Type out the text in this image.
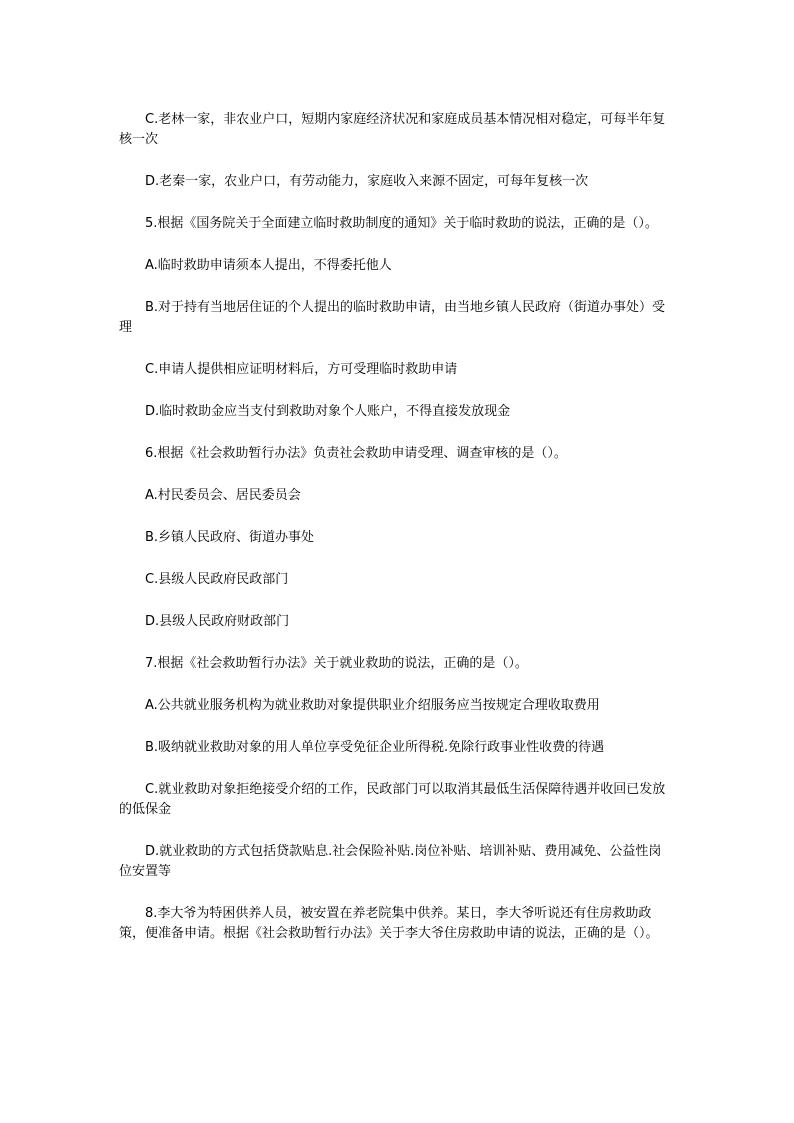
C.老林一家，非农业户口，短期内家庭经济状况和家庭成员基本情况相对稳定，可每半年复核一次

D.老秦一家，农业户口，有劳动能力，家庭收入来源不固定，可每年复核一次

5.根据《国务院关于全面建立临时救助制度的通知》关于临时救助的说法，正确的是（）。

A.临时救助申请须本人提出，不得委托他人

B.对于持有当地居住证的个人提出的临时救助申请，由当地乡镇人民政府（街道办事处）受理

C.申请人提供相应证明材料后，方可受理临时救助申请

D.临时救助金应当支付到救助对象个人账户，不得直接发放现金

6.根据《社会救助暂行办法》负责社会救助申请受理、调查审核的是（）。

A.村民委员会、居民委员会

B.乡镇人民政府、街道办事处

C.县级人民政府民政部门

D.县级人民政府财政部门

7.根据《社会救助暂行办法》关于就业救助的说法，正确的是（）。

A.公共就业服务机构为就业救助对象提供职业介绍服务应当按规定合理收取费用

B.吸纳就业救助对象的用人单位享受免征企业所得税.免除行政事业性收费的待遇

C.就业救助对象拒绝接受介绍的工作，民政部门可以取消其最低生活保障待遇并收回已发放的低保金

D.就业救助的方式包括贷款贴息.社会保险补贴.岗位补贴、培训补贴、费用减免、公益性岗位安置等

8.李大爷为特困供养人员，被安置在养老院集中供养。某日，李大爷听说还有住房救助政策，便准备申请。根据《社会救助暂行办法》关于李大爷住房救助申请的说法，正确的是（）。
